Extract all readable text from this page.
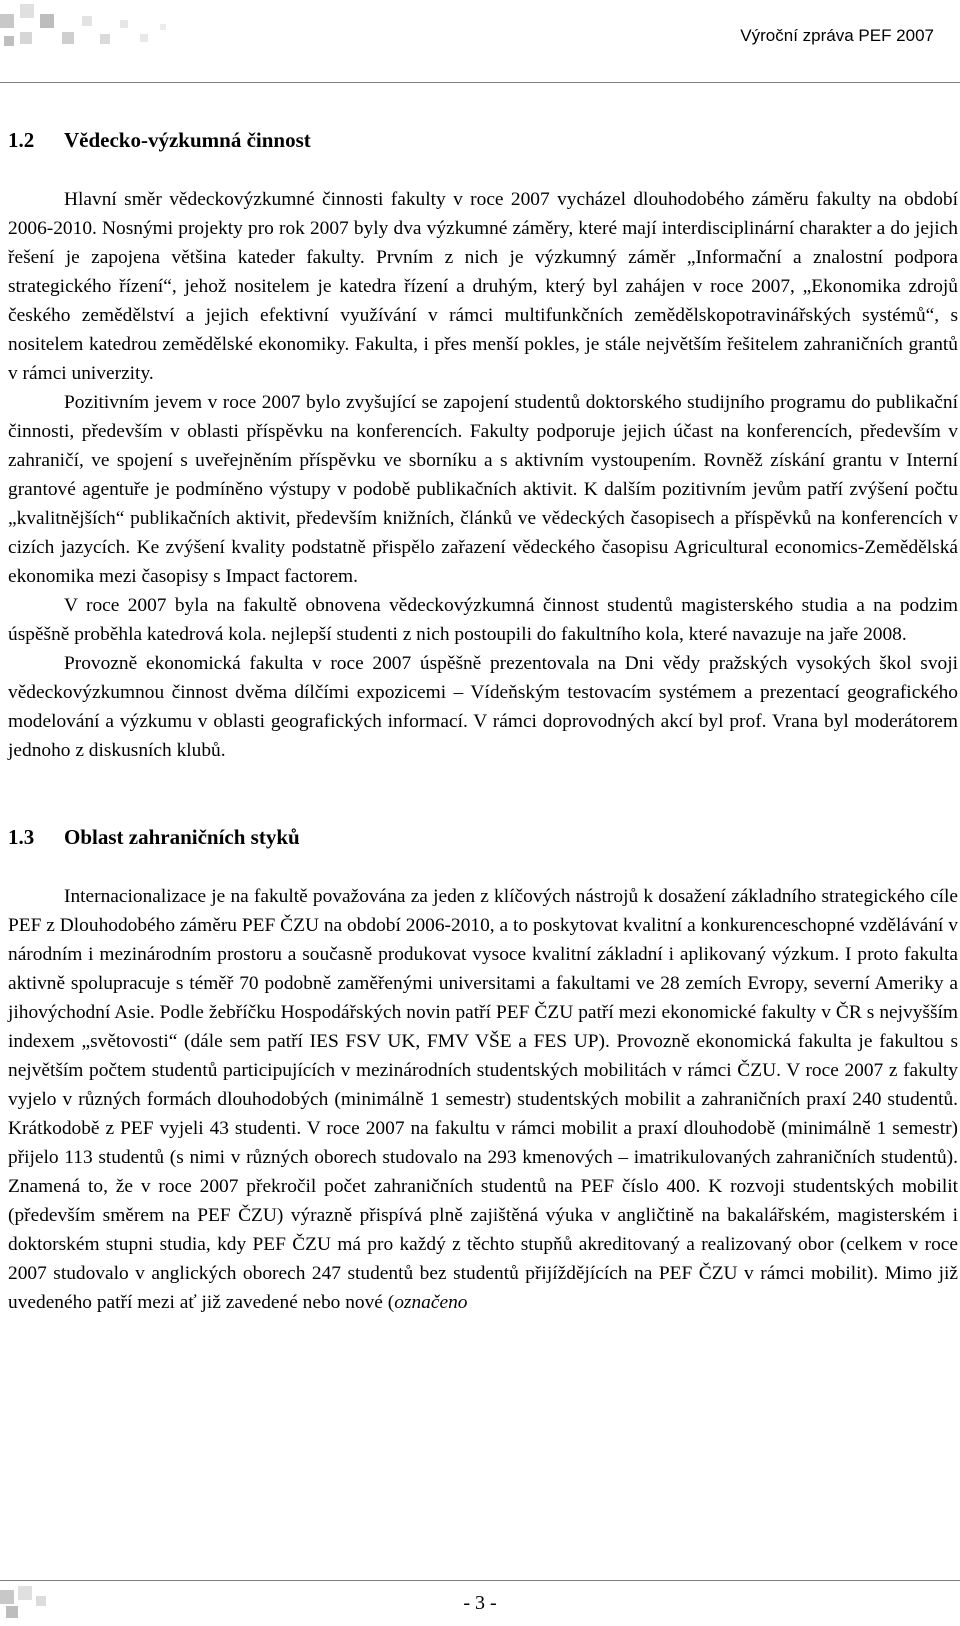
Výroční zpráva PEF 2007
1.2 Vědecko-výzkumná činnost

Hlavní směr vědeckovýzkumné činnosti fakulty v roce 2007 vycházel dlouhodobého záměru fakulty na období 2006-2010. Nosnými projekty pro rok 2007 byly dva výzkumné záměry, které mají interdisciplinární charakter a do jejich řešení je zapojena většina kateder fakulty. Prvním z nich je výzkumný záměr „Informační a znalostní podpora strategického řízení“, jehož nositelem je katedra řízení a druhým, který byl zahájen v roce 2007, „Ekonomika zdrojů českého zemědělství a jejich efektivní využívání v rámci multifunkčních zemědělskopotravinářských systémů“, s nositelem katedrou zemědělské ekonomiky. Fakulta, i přes menší pokles, je stále největším řešitelem zahraničních grantů v rámci univerzity.

Pozitivním jevem v roce 2007 bylo zvyšující se zapojení studentů doktorského studijního programu do publikační činnosti, především v oblasti příspěvku na konferencích. Fakulty podporuje jejich účast na konferencích, především v zahraničí, ve spojení s uveřejněním příspěvku ve sborníku a s aktivním vystoupením. Rovněž získání grantu v Interní grantové agentuře je podmíněno výstupy v podobě publikačních aktivit. K dalším pozitivním jevům patří zvýšení počtu „kvalitnějších“ publikačních aktivit, především knižních, článků ve vědeckých časopisech a příspěvků na konferencích v cizích jazycích. Ke zvýšení kvality podstatně přispělo zařazení vědeckého časopisu Agricultural economics-Zemědělská ekonomika mezi časopisy s Impact factorem.

V roce 2007 byla na fakultě obnovena vědeckovýzkumná činnost studentů magisterského studia a na podzim úspěšně proběhla katedrová kola. nejlepší studenti z nich postoupili do fakultního kola, které navazuje na jaře 2008.

Provozně ekonomická fakulta v roce 2007 úspěšně prezentovala na Dni vědy pražských vysokých škol svoji vědeckovýzkumnou činnost dvěma dílčími expozicemi – Vídeňským testovacím systémem a prezentací geografického modelování a výzkumu v oblasti geografických informací. V rámci doprovodných akcí byl prof. Vrana byl moderátorem jednoho z diskusních klubů.

1.3 Oblast zahraničních styků

Internacionalizace je na fakultě považována za jeden z klíčových nástrojů k dosažení základního strategického cíle PEF z Dlouhodobého záměru PEF ČZU na období 2006-2010, a to poskytovat kvalitní a konkurenceschopné vzdělávání v národním i mezinárodním prostoru a současně produkovat vysoce kvalitní základní i aplikovaný výzkum. I proto fakulta aktivně spolupracuje s téměř 70 podobně zaměřenými universitami a fakultami ve 28 zemích Evropy, severní Ameriky a jihovýchodní Asie. Podle žebříčku Hospodářských novin patří PEF ČZU patří mezi ekonomické fakulty v ČR s nejvyšším indexem „světovosti“ (dále sem patří IES FSV UK, FMV VŠE a FES UP). Provozně ekonomická fakulta je fakultou s největším počtem studentů participujících v mezinárodních studentských mobilitách v rámci ČZU. V roce 2007 z fakulty vyjelo v různých formách dlouhodobých (minimálně 1 semestr) studentských mobilit a zahraničních praxí 240 studentů. Krátkodobě z PEF vyjeli 43 studenti. V roce 2007 na fakultu v rámci mobilit a praxí dlouhodobě (minimálně 1 semestr) přijelo 113 studentů (s nimi v různých oborech studovalo na 293 kmenových – imatrikulovaných zahraničních studentů). Znamená to, že v roce 2007 překročil počet zahraničních studentů na PEF číslo 400. K rozvoji studentských mobilit (především směrem na PEF ČZU) výrazně přispívá plně zajištěná výuka v angličtině na bakalářském, magisterském i doktorském stupni studia, kdy PEF ČZU má pro každý z těchto stupňů akreditovaný a realizovaný obor (celkem v roce 2007 studovalo v anglických oborech 247 studentů bez studentů přijíždějících na PEF ČZU v rámci mobilit). Mimo již uvedeného patří mezi ať již zavedené nebo nové (označeno

- 3 -
